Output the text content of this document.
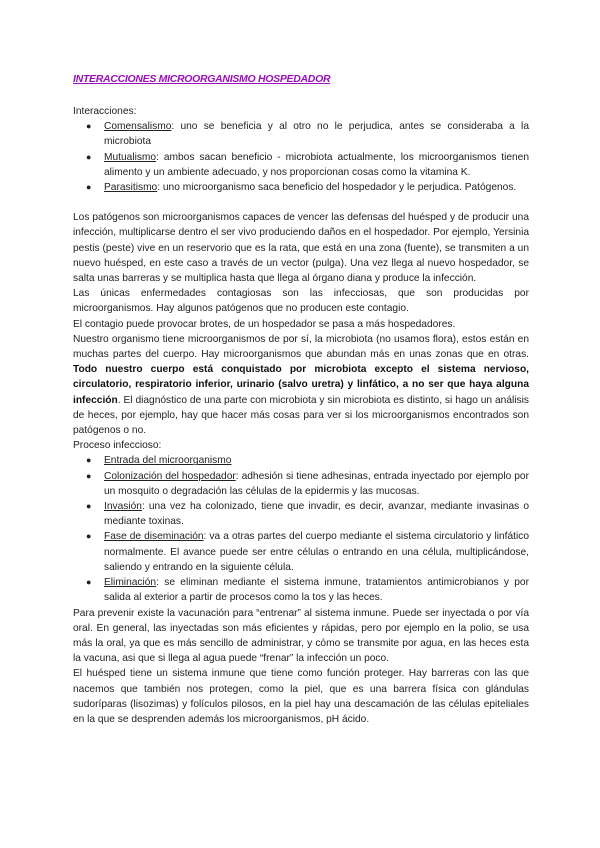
INTERACCIONES MICROORGANISMO HOSPEDADOR

Interacciones:

● Comensalismo: uno se beneficia y al otro no le perjudica, antes se consideraba a la microbiota
● Mutualismo: ambos sacan beneficio - microbiota actualmente, los microorganismos tienen alimento y un ambiente adecuado, y nos proporcionan cosas como la vitamina K.
● Parasitismo: uno microorganismo saca beneficio del hospedador y le perjudica. Patógenos.

Los patógenos son microorganismos capaces de vencer las defensas del huésped y de producir una infección, multiplicarse dentro el ser vivo produciendo daños en el hospedador. Por ejemplo, Yersinia pestis (peste) vive en un reservorio que es la rata, que está en una zona (fuente), se transmiten a un nuevo huésped, en este caso a través de un vector (pulga). Una vez llega al nuevo hospedador, se salta unas barreras y se multiplica hasta que llega al órgano diana y produce la infección.

Las únicas enfermedades contagiosas son las infecciosas, que son producidas por microorganismos. Hay algunos patógenos que no producen este contagio.

El contagio puede provocar brotes, de un hospedador se pasa a más hospedadores.

Nuestro organismo tiene microorganismos de por sí, la microbiota (no usamos flora), estos están en muchas partes del cuerpo. Hay microorganismos que abundan más en unas zonas que en otras. Todo nuestro cuerpo está conquistado por microbiota excepto el sistema nervioso, circulatorio, respiratorio inferior, urinario (salvo uretra) y linfático, a no ser que haya alguna infección. El diagnóstico de una parte con microbiota y sin microbiota es distinto, si hago un análisis de heces, por ejemplo, hay que hacer más cosas para ver si los microorganismos encontrados son patógenos o no.

Proceso infeccioso:

● Entrada del microorganismo
● Colonización del hospedador: adhesión si tiene adhesinas, entrada inyectado por ejemplo por un mosquito o degradación las células de la epidermis y las mucosas.
● Invasión: una vez ha colonizado, tiene que invadir, es decir, avanzar, mediante invasinas o mediante toxinas.
● Fase de diseminación: va a otras partes del cuerpo mediante el sistema circulatorio y linfático normalmente. El avance puede ser entre células o entrando en una célula, multiplicándose, saliendo y entrando en la siguiente célula.
● Eliminación: se eliminan mediante el sistema inmune, tratamientos antimicrobianos y por salida al exterior a partir de procesos como la tos y las heces.

Para prevenir existe la vacunación para “entrenar” al sistema inmune. Puede ser inyectada o por vía oral. En general, las inyectadas son más eficientes y rápidas, pero por ejemplo en la polio, se usa más la oral, ya que es más sencillo de administrar, y cómo se transmite por agua, en las heces esta la vacuna, asi que si llega al agua puede “frenar” la infección un poco.

El huésped tiene un sistema inmune que tiene como función proteger. Hay barreras con las que nacemos que también nos protegen, como la piel, que es una barrera física con glándulas sudoríparas (lisozimas) y folículos pilosos, en la piel hay una descamación de las células epiteliales en la que se desprenden además los microorganismos, pH ácido.
